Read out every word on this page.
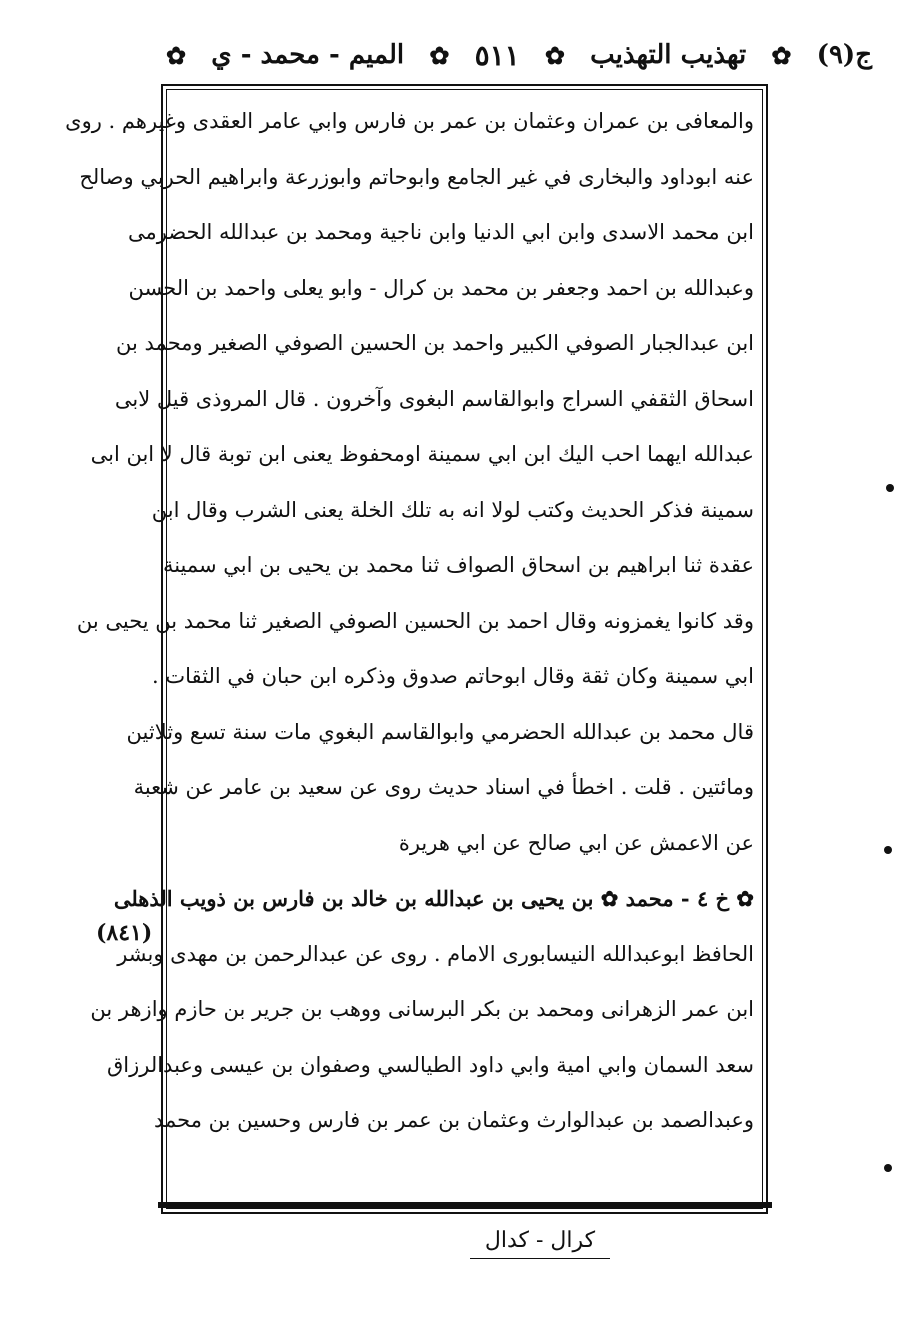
ج(٩)
✿
تهذيب التهذيب
✿
٥١١
✿
الميم - محمد - ي
✿
والمعافى بن عمران وعثمان بن عمر بن فارس وابي عامر العقدى وغيرهم . روى
عنه ابوداود والبخارى في غير الجامع وابوحاتم وابوزرعة وابراهيم الحربي وصالح
ابن محمد الاسدى وابن ابي الدنيا وابن ناجية ومحمد بن عبدالله الحضرمى
وعبدالله بن احمد وجعفر بن محمد بن كرال - وابو يعلى واحمد بن الحسن
ابن عبدالجبار الصوفي الكبير واحمد بن الحسين الصوفي الصغير ومحمد بن
اسحاق الثقفي السراج وابوالقاسم البغوى وآخرون . قال المروذى قيل لابى
عبدالله ايهما احب اليك ابن ابي سمينة اومحفوظ يعنى ابن توبة قال لا ابن ابى
سمينة فذكر الحديث وكتب لولا انه به تلك الخلة يعنى الشرب وقال ابن
عقدة ثنا ابراهيم بن اسحاق الصواف ثنا محمد بن يحيى بن ابي سمينة
وقد كانوا يغمزونه وقال احمد بن الحسين الصوفي الصغير ثنا محمد بن يحيى بن
ابي سمينة وكان ثقة وقال ابوحاتم صدوق وذكره ابن حبان في الثقات .
قال محمد بن عبدالله الحضرمي وابوالقاسم البغوي مات سنة تسع وثلاثين
ومائتين . قلت . اخطأ في اسناد حديث روى عن سعيد بن عامر عن شعبة
عن الاعمش عن ابي صالح عن ابي هريرة
✿ خ ٤ - محمد ✿ بن يحيى بن عبدالله بن خالد بن فارس بن ذويب الذهلى
الحافظ ابوعبدالله النيسابورى الامام . روى عن عبدالرحمن بن مهدى وبشر
ابن عمر الزهرانى ومحمد بن بكر البرسانى ووهب بن جرير بن حازم وازهر بن
سعد السمان وابي امية وابي داود الطيالسي وصفوان بن عيسى وعبدالرزاق
وعبدالصمد بن عبدالوارث وعثمان بن عمر بن فارس وحسين بن محمد
(٨٤١)
كرال - كدال
